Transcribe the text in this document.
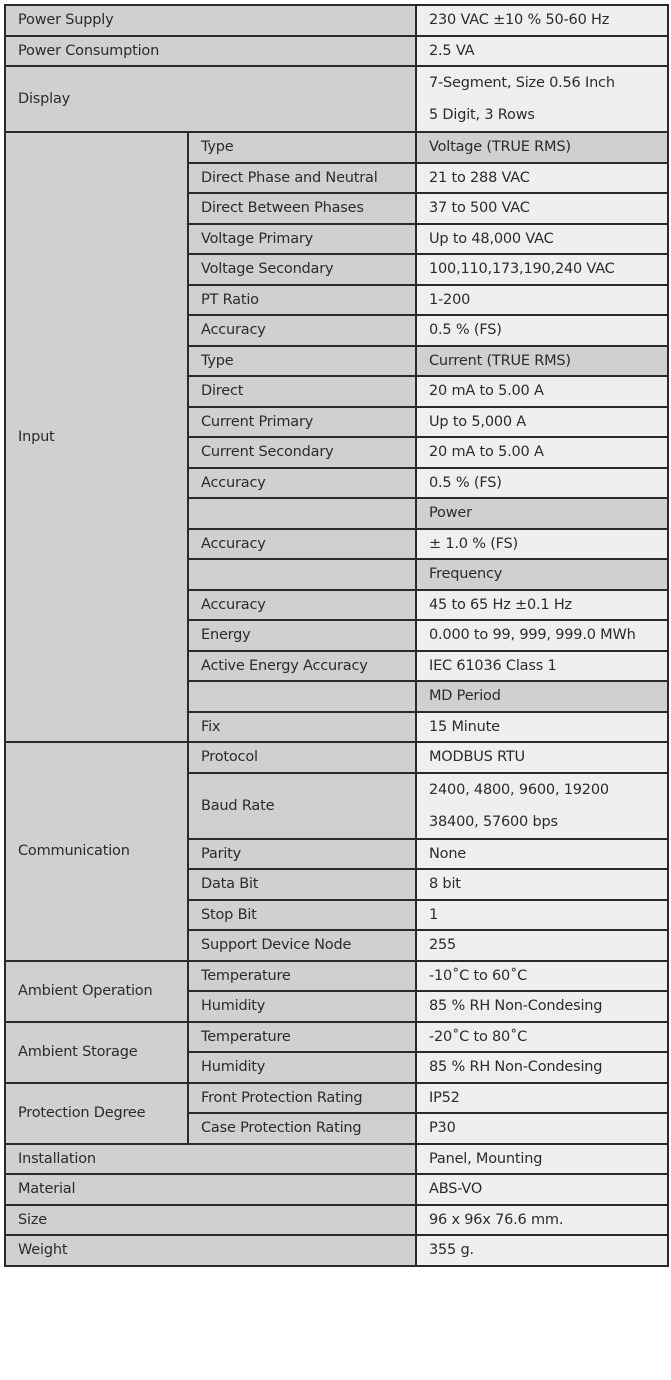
Power Supply		230 VAC ±10 % 50-60 Hz
Power Consumption		2.5 VA
Display		7-Segment, Size 0.56 Inch
5 Digit, 3 Rows

Input	Type	Voltage (TRUE RMS)
	Direct Phase and Neutral	21 to 288 VAC
	Direct Between Phases	37 to 500 VAC
	Voltage Primary	Up to 48,000 VAC
	Voltage Secondary	100,110,173,190,240 VAC
	PT Ratio	1-200
	Accuracy	0.5 % (FS)
	Type	Current (TRUE RMS)
	Direct	20 mA to 5.00 A
	Current Primary	Up to 5,000 A
	Current Secondary	20 mA to 5.00 A
	Accuracy	0.5 % (FS)
		Power
	Accuracy	± 1.0 % (FS)
		Frequency
	Accuracy	45 to 65 Hz ±0.1 Hz
	Energy	0.000 to 99, 999, 999.0 MWh
	Active Energy Accuracy	IEC 61036 Class 1
		MD Period
	Fix	15 Minute
Communication	Protocol	MODBUS RTU
	Baud Rate	2400, 4800, 9600, 19200
38400, 57600 bps

	Parity	None
	Data Bit	8 bit
	Stop Bit	1
	Support Device Node	255
Ambient Operation	Temperature	-10˚C to 60˚C
	Humidity	85 % RH Non-Condesing
Ambient Storage	Temperature	-20˚C to 80˚C
	Humidity	85 % RH Non-Condesing
Protection Degree	Front Protection Rating	IP52
	Case Protection Rating	P30
Installation		Panel, Mounting
Material		ABS-VO
Size		96 x 96x 76.6 mm.
Weight		355 g.
